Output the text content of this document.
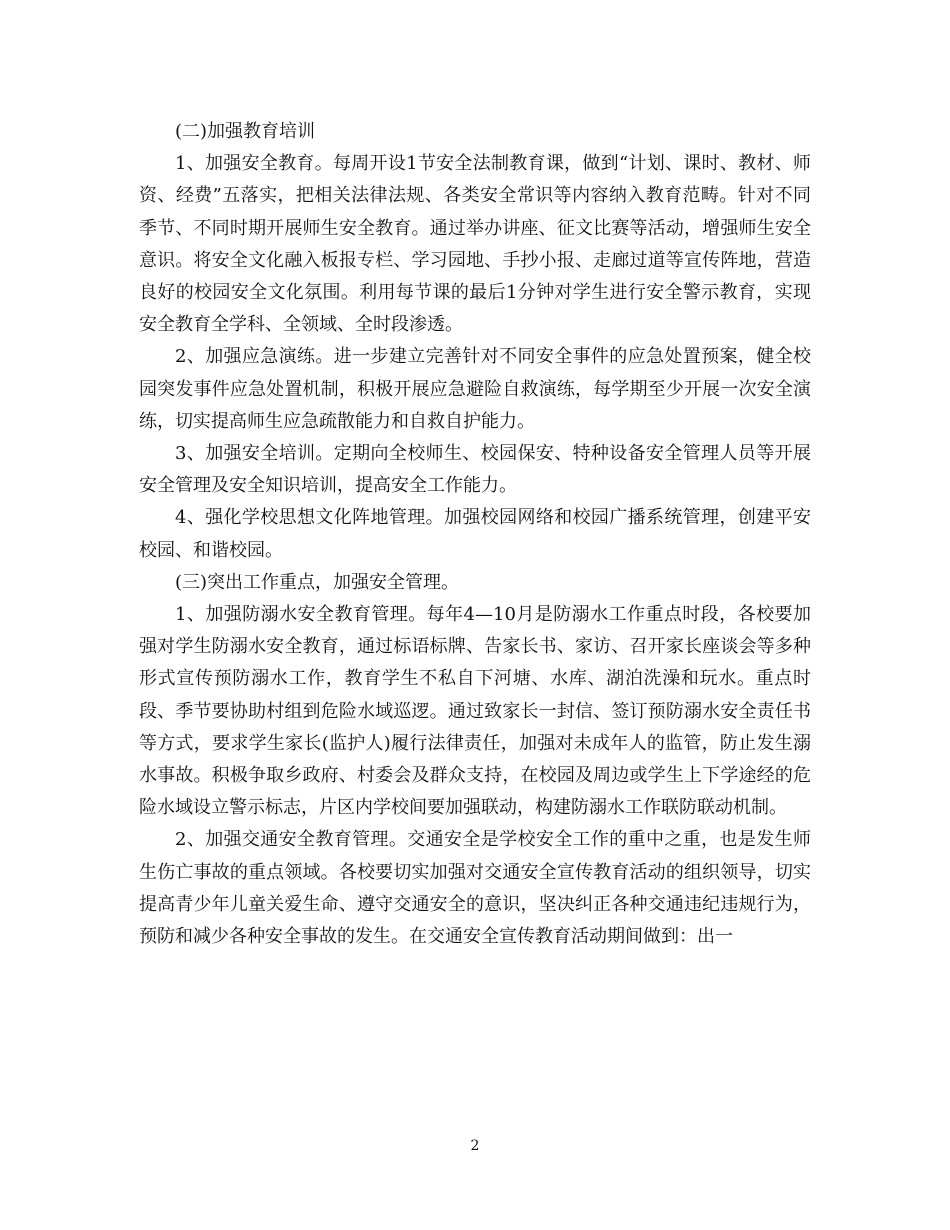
(二)加强教育培训

1、加强安全教育。每周开设1节安全法制教育课，做到“计划、课时、教材、师资、经费”五落实，把相关法律法规、各类安全常识等内容纳入教育范畴。针对不同季节、不同时期开展师生安全教育。通过举办讲座、征文比赛等活动，增强师生安全意识。将安全文化融入板报专栏、学习园地、手抄小报、走廊过道等宣传阵地，营造良好的校园安全文化氛围。利用每节课的最后1分钟对学生进行安全警示教育，实现安全教育全学科、全领域、全时段渗透。

2、加强应急演练。进一步建立完善针对不同安全事件的应急处置预案，健全校园突发事件应急处置机制，积极开展应急避险自救演练，每学期至少开展一次安全演练，切实提高师生应急疏散能力和自救自护能力。

3、加强安全培训。定期向全校师生、校园保安、特种设备安全管理人员等开展安全管理及安全知识培训，提高安全工作能力。

4、强化学校思想文化阵地管理。加强校园网络和校园广播系统管理，创建平安校园、和谐校园。

(三)突出工作重点，加强安全管理。

1、加强防溺水安全教育管理。每年4—10月是防溺水工作重点时段，各校要加强对学生防溺水安全教育，通过标语标牌、告家长书、家访、召开家长座谈会等多种形式宣传预防溺水工作，教育学生不私自下河塘、水库、湖泊洗澡和玩水。重点时段、季节要协助村组到危险水域巡逻。通过致家长一封信、签订预防溺水安全责任书等方式，要求学生家长(监护人)履行法律责任，加强对未成年人的监管，防止发生溺水事故。积极争取乡政府、村委会及群众支持，在校园及周边或学生上下学途经的危险水域设立警示标志，片区内学校间要加强联动，构建防溺水工作联防联动机制。

2、加强交通安全教育管理。交通安全是学校安全工作的重中之重，也是发生师生伤亡事故的重点领域。各校要切实加强对交通安全宣传教育活动的组织领导，切实提高青少年儿童关爱生命、遵守交通安全的意识，坚决纠正各种交通违纪违规行为，预防和减少各种安全事故的发生。在交通安全宣传教育活动期间做到：出一

2
